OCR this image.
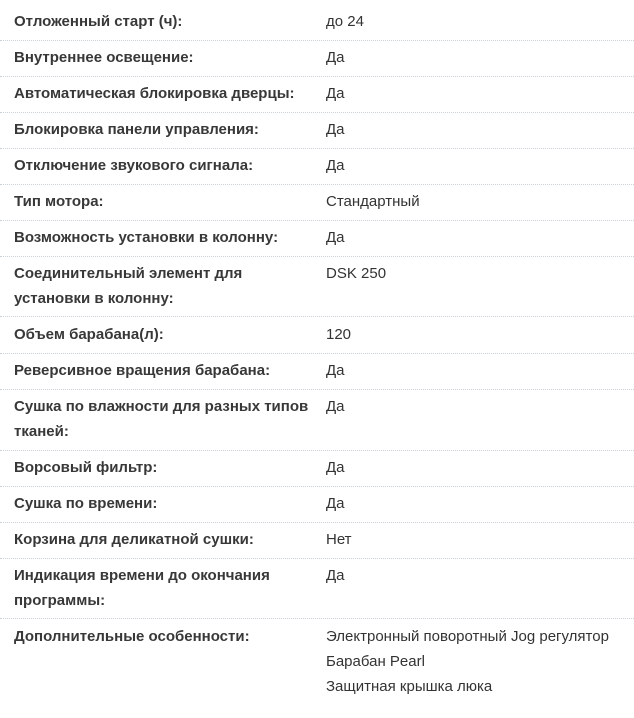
Отложенный старт (ч):	до 24
Внутреннее освещение:	Да
Автоматическая блокировка дверцы:	Да
Блокировка панели управления:	Да
Отключение звукового сигнала:	Да
Тип мотора:	Стандартный
Возможность установки в колонну:	Да
Соединительный элемент для
установки в колонну:
DSK 250
Объем барабана(л):	120
Реверсивное вращения барабана:	Да
Сушка по влажности для разных типов
тканей:
Да
Ворсовый фильтр:	Да
Сушка по времени:	Да
Корзина для деликатной сушки:	Нет
Индикация времени до окончания
программы:
Да
Дополнительные особенности:	Электронный поворотный Jog регулятор
Барабан Pearl
Защитная крышка люка
